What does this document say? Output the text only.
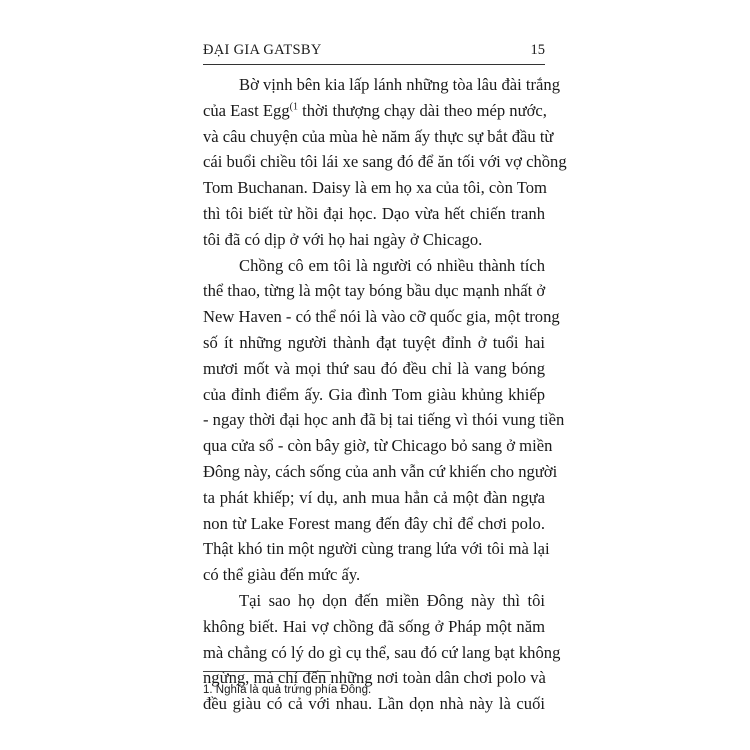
ĐẠI GIA GATSBY	15
Bờ vịnh bên kia lấp lánh những tòa lâu đài trắng
của East Egg$^{(1}$ thời thượng chạy dài theo mép nước,
và câu chuyện của mùa hè năm ấy thực sự bắt đầu từ
cái buổi chiều tôi lái xe sang đó để ăn tối với vợ chồng
Tom Buchanan. Daisy là em họ xa của tôi, còn Tom
thì tôi biết từ hồi đại học. Dạo vừa hết chiến tranh
tôi đã có dịp ở với họ hai ngày ở Chicago.
Chồng cô em tôi là người có nhiều thành tích
thể thao, từng là một tay bóng bầu dục mạnh nhất ở
New Haven - có thể nói là vào cỡ quốc gia, một trong
số ít những người thành đạt tuyệt đỉnh ở tuổi hai
mươi mốt và mọi thứ sau đó đều chỉ là vang bóng
của đỉnh điểm ấy. Gia đình Tom giàu khủng khiếp
- ngay thời đại học anh đã bị tai tiếng vì thói vung tiền
qua cửa sổ - còn bây giờ, từ Chicago bỏ sang ở miền
Đông này, cách sống của anh vẫn cứ khiến cho người
ta phát khiếp; ví dụ, anh mua hẳn cả một đàn ngựa
non từ Lake Forest mang đến đây chỉ để chơi polo.
Thật khó tin một người cùng trang lứa với tôi mà lại
có thể giàu đến mức ấy.
Tại sao họ dọn đến miền Đông này thì tôi
không biết. Hai vợ chồng đã sống ở Pháp một năm
mà chẳng có lý do gì cụ thể, sau đó cứ lang bạt không
ngừng, mà chỉ đến những nơi toàn dân chơi polo và
đều giàu có cả với nhau. Lần dọn nhà này là cuối
1. Nghĩa là quả trứng phía Đông.
